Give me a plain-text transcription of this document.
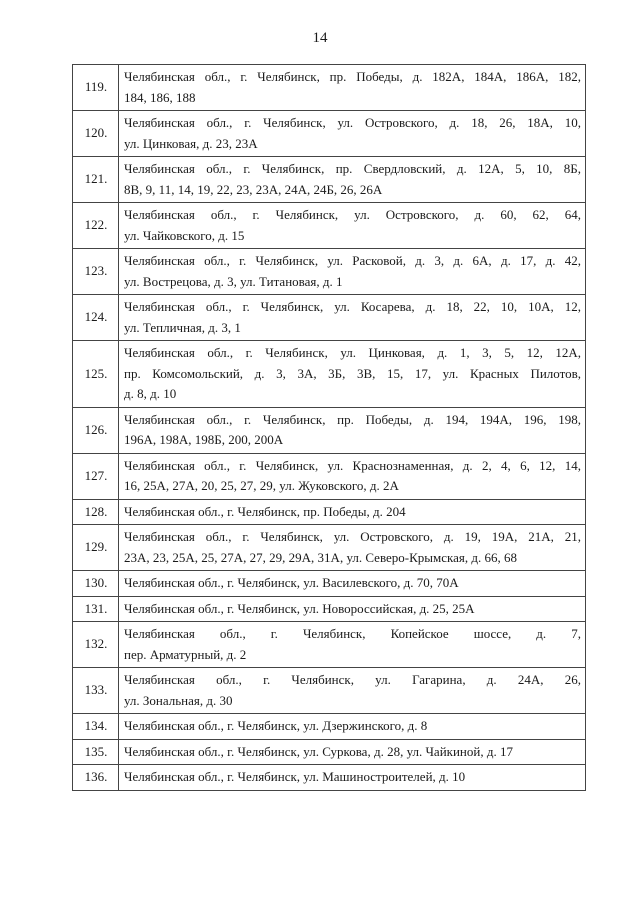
14
119.	Челябинская обл., г. Челябинск, пр. Победы, д. 182А, 184А, 186А, 182,
184, 186, 188

120.	Челябинская обл., г. Челябинск, ул. Островского, д. 18, 26, 18А, 10,
ул. Цинковая, д. 23, 23А

121.	Челябинская обл., г. Челябинск, пр. Свердловский, д. 12А, 5, 10, 8Б,
8В, 9, 11, 14, 19, 22, 23, 23А, 24А, 24Б, 26, 26А

122.	Челябинская обл., г. Челябинск, ул. Островского, д. 60, 62, 64,
ул. Чайковского, д. 15

123.	Челябинская обл., г. Челябинск, ул. Расковой, д. 3, д. 6А, д. 17, д. 42,
ул. Вострецова, д. 3, ул. Титановая, д. 1

124.	Челябинская обл., г. Челябинск, ул. Косарева, д. 18, 22, 10, 10А, 12,
ул. Тепличная, д. 3, 1

125.	Челябинская обл., г. Челябинск, ул. Цинковая, д. 1, 3, 5, 12, 12А,
пр. Комсомольский, д. 3, 3А, 3Б, 3В, 15, 17, ул. Красных Пилотов,
д. 8, д. 10

126.	Челябинская обл., г. Челябинск, пр. Победы, д. 194, 194А, 196, 198,
196А, 198А, 198Б, 200, 200А

127.	Челябинская обл., г. Челябинск, ул. Краснознаменная, д. 2, 4, 6, 12, 14,
16, 25А, 27А, 20, 25, 27, 29, ул. Жуковского, д. 2А

128.	Челябинская обл., г. Челябинск, пр. Победы, д. 204

129.	Челябинская обл., г. Челябинск, ул. Островского, д. 19, 19А, 21А, 21,
23А, 23, 25А, 25, 27А, 27, 29, 29А, 31А, ул. Северо-Крымская, д. 66, 68

130.	Челябинская обл., г. Челябинск, ул. Василевского, д. 70, 70А

131.	Челябинская обл., г. Челябинск, ул. Новороссийская, д. 25, 25А

132.	Челябинская обл., г. Челябинск, Копейское шоссе, д. 7,
пер. Арматурный, д. 2

133.	Челябинская обл., г. Челябинск, ул. Гагарина, д. 24А, 26,
ул. Зональная, д. 30

134.	Челябинская обл., г. Челябинск, ул. Дзержинского, д. 8

135.	Челябинская обл., г. Челябинск, ул. Суркова, д. 28, ул. Чайкиной, д. 17

136.	Челябинская обл., г. Челябинск, ул. Машиностроителей, д. 10
